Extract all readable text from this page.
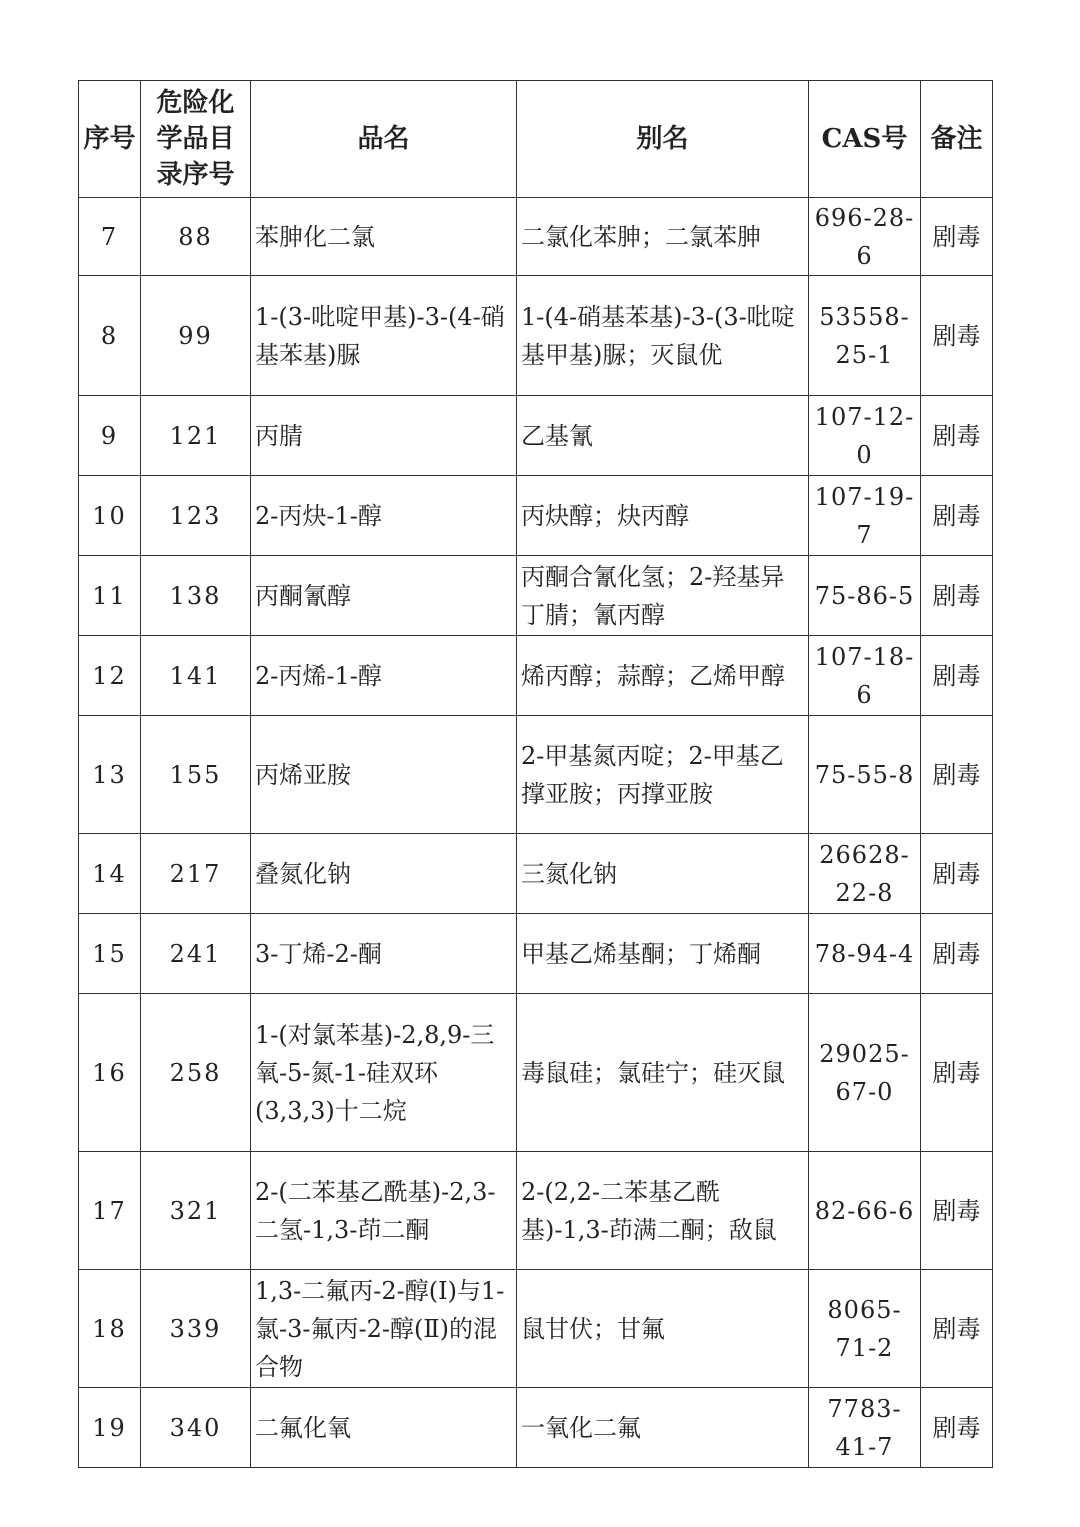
序号	危险化学品目录序号	品名	别名	CAS号	备注
7	88	苯胂化二氯	二氯化苯胂；二氯苯胂	696-28-6	剧毒
8	99	1-(3-吡啶甲基)-3-(4-硝基苯基)脲	1-(4-硝基苯基)-3-(3-吡啶基甲基)脲；灭鼠优	53558-25-1	剧毒
9	121	丙腈	乙基氰	107-12-0	剧毒
10	123	2-丙炔-1-醇	丙炔醇；炔丙醇	107-19-7	剧毒
11	138	丙酮氰醇	丙酮合氰化氢；2-羟基异丁腈；氰丙醇	75-86-5	剧毒
12	141	2-丙烯-1-醇	烯丙醇；蒜醇；乙烯甲醇	107-18-6	剧毒
13	155	丙烯亚胺	2-甲基氮丙啶；2-甲基乙撑亚胺；丙撑亚胺	75-55-8	剧毒
14	217	叠氮化钠	三氮化钠	26628-22-8	剧毒
15	241	3-丁烯-2-酮	甲基乙烯基酮；丁烯酮	78-94-4	剧毒
16	258	1-(对氯苯基)-2,8,9-三氧-5-氮-1-硅双环(3,3,3)十二烷	毒鼠硅；氯硅宁；硅灭鼠	29025-67-0	剧毒
17	321	2-(二苯基乙酰基)-2,3-二氢-1,3-茚二酮	2-(2,2-二苯基乙酰基)-1,3-茚满二酮；敌鼠	82-66-6	剧毒
18	339	1,3-二氟丙-2-醇(Ⅰ)与1-氯-3-氟丙-2-醇(Ⅱ)的混合物	鼠甘伏；甘氟	8065-71-2	剧毒
19	340	二氟化氧	一氧化二氟	7783-41-7	剧毒
